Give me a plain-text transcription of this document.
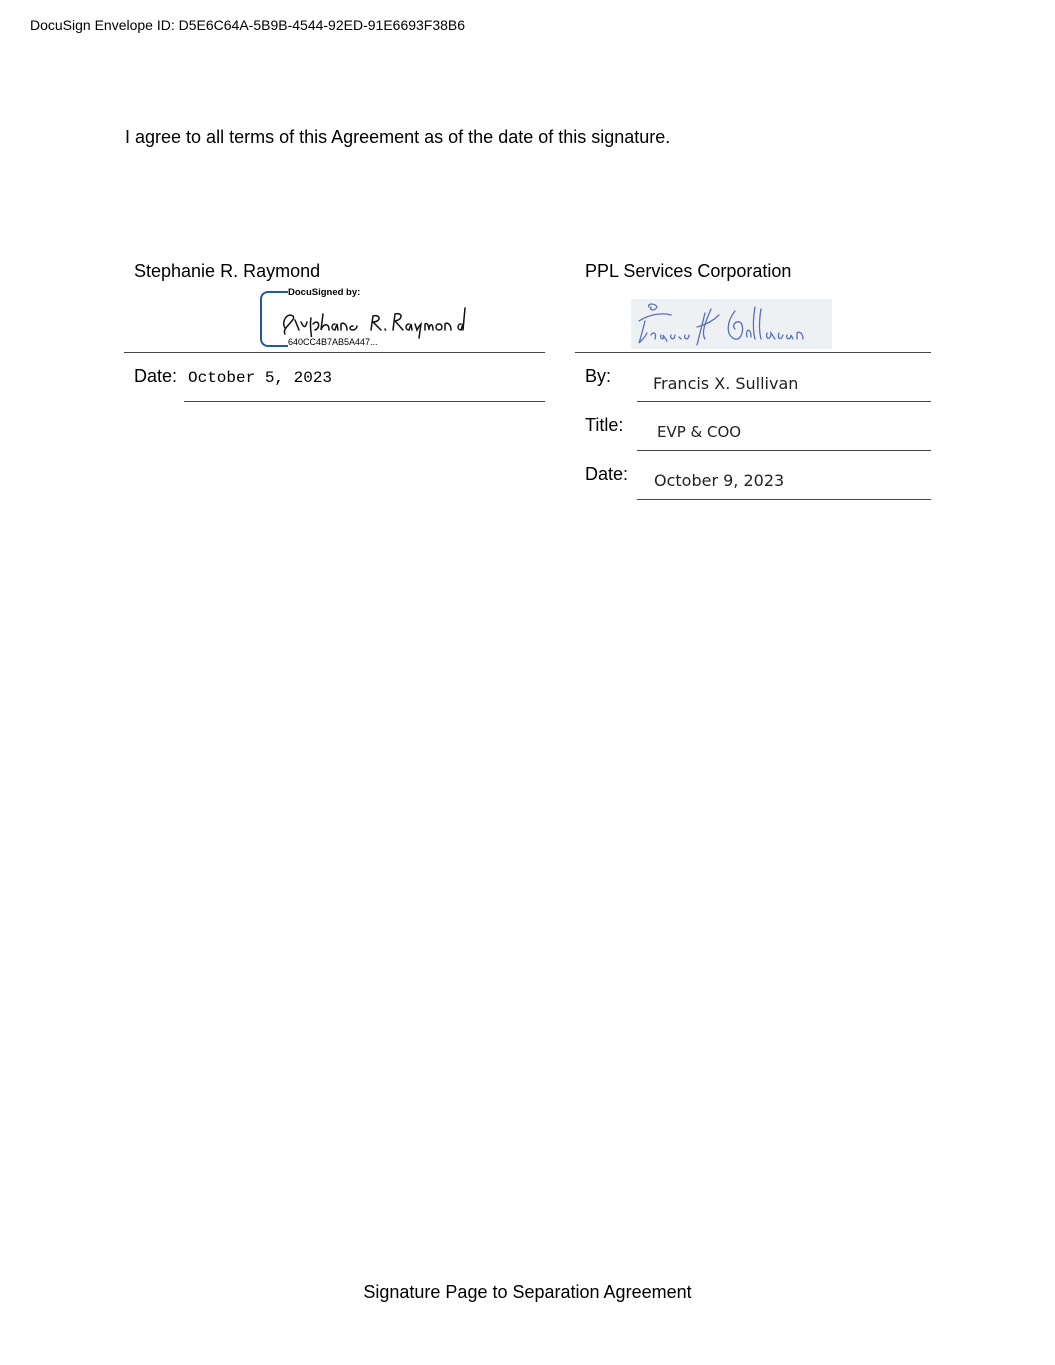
DocuSign Envelope ID: D5E6C64A-5B9B-4544-92ED-91E6693F38B6
I agree to all terms of this Agreement as of the date of this signature.
Stephanie R. Raymond
DocuSigned by:
640CC4B7AB5A447...
Date: October 5, 2023
PPL Services Corporation
By:	Francis X. Sullivan
Title: EVP & COO
Date: October 9, 2023
Signature Page to Separation Agreement
